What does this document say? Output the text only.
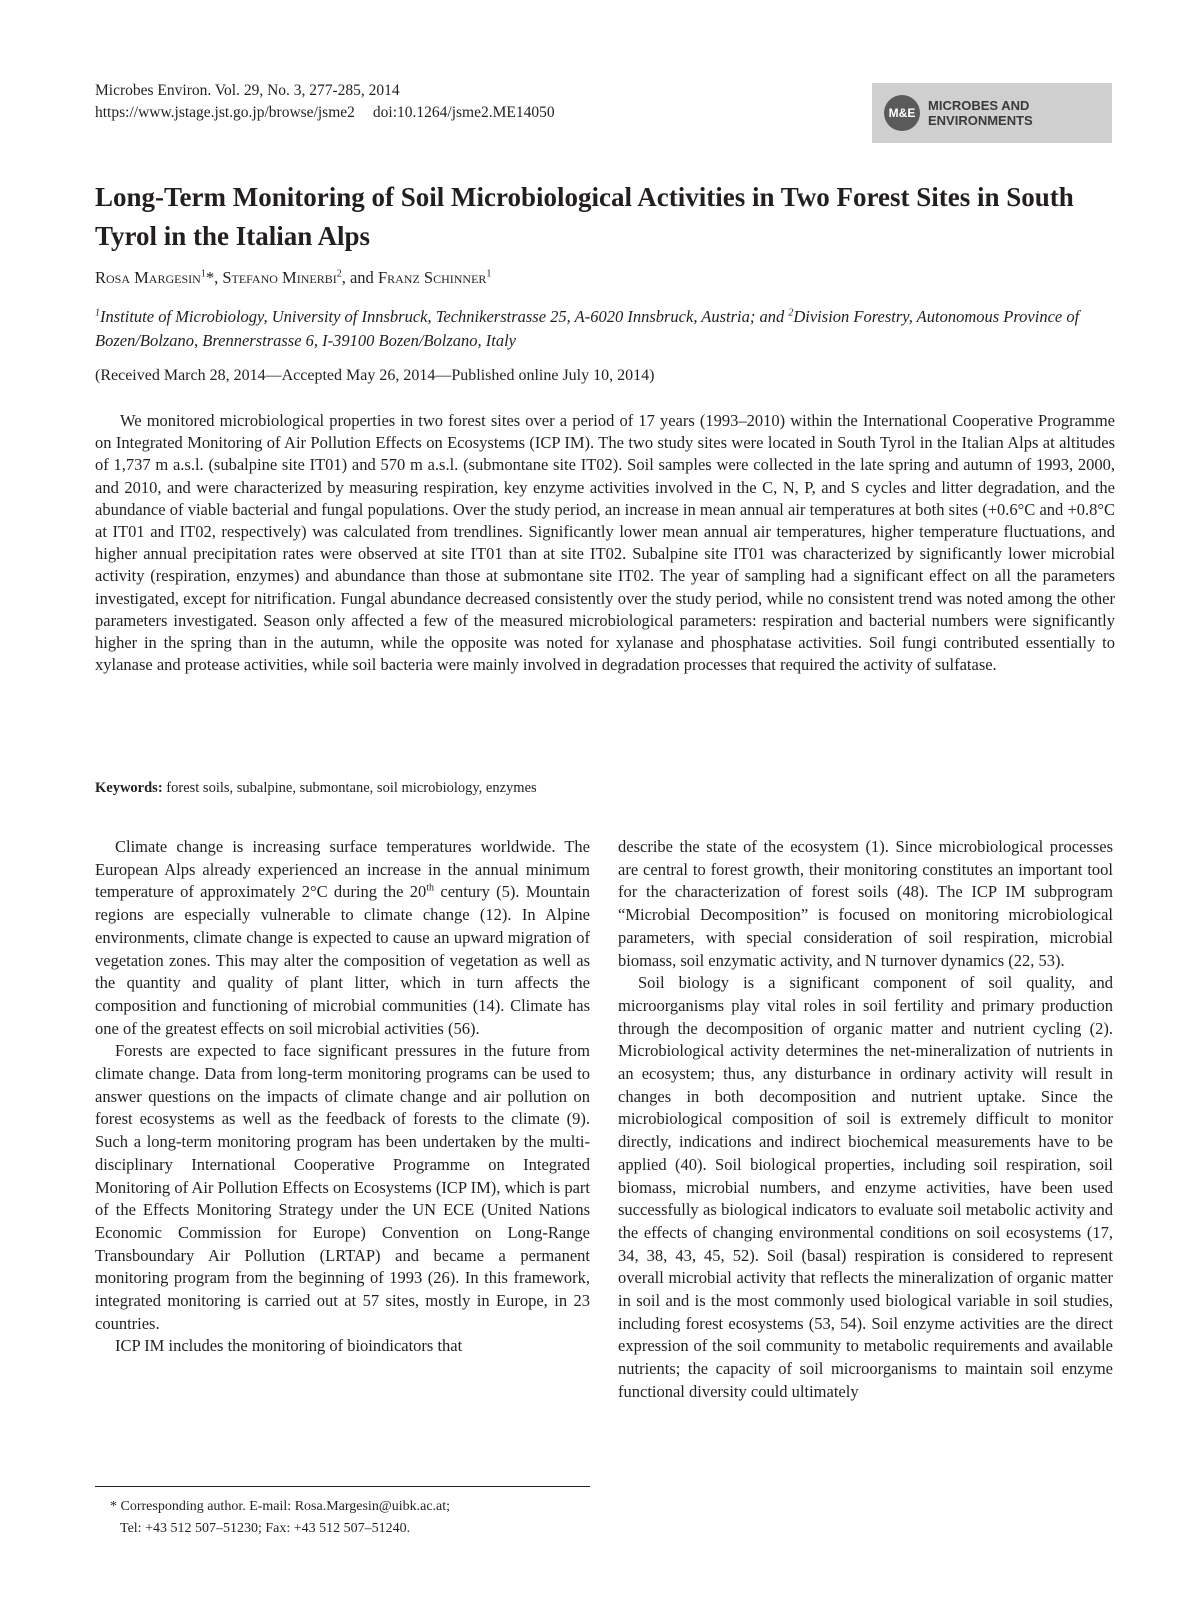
Microbes Environ. Vol. 29, No. 3, 277-285, 2014
https://www.jstage.jst.go.jp/browse/jsme2 doi:10.1264/jsme2.ME14050	M&E MICROBES AND
ENVIRONMENTS
Long-Term Monitoring of Soil Microbiological Activities in Two Forest Sites in South Tyrol in the Italian Alps
Rosa Margesin$^1$*, Stefano Minerbi$^2$, and Franz Schinner$^1$
$^1$Institute of Microbiology, University of Innsbruck, Technikerstrasse 25, A-6020 Innsbruck, Austria; and $^2$Division Forestry, Autonomous Province of Bozen/Bolzano, Brennerstrasse 6, I-39100 Bozen/Bolzano, Italy
(Received March 28, 2014—Accepted May 26, 2014—Published online July 10, 2014)

We monitored microbiological properties in two forest sites over a period of 17 years (1993–2010) within the International Cooperative Programme on Integrated Monitoring of Air Pollution Effects on Ecosystems (ICP IM). The two study sites were located in South Tyrol in the Italian Alps at altitudes of 1,737 m a.s.l. (subalpine site IT01) and 570 m a.s.l. (submontane site IT02). Soil samples were collected in the late spring and autumn of 1993, 2000, and 2010, and were characterized by measuring respiration, key enzyme activities involved in the C, N, P, and S cycles and litter degradation, and the abundance of viable bacterial and fungal populations. Over the study period, an increase in mean annual air temperatures at both sites (+0.6°C and +0.8°C at IT01 and IT02, respectively) was calculated from trendlines. Significantly lower mean annual air temperatures, higher temperature fluctuations, and higher annual precipitation rates were observed at site IT01 than at site IT02. Subalpine site IT01 was characterized by significantly lower microbial activity (respiration, enzymes) and abundance than those at submontane site IT02. The year of sampling had a significant effect on all the parameters investigated, except for nitrification. Fungal abundance decreased consistently over the study period, while no consistent trend was noted among the other parameters investigated. Season only affected a few of the measured microbiological parameters: respiration and bacterial numbers were significantly higher in the spring than in the autumn, while the opposite was noted for xylanase and phosphatase activities. Soil fungi contributed essentially to xylanase and protease activities, while soil bacteria were mainly involved in degradation processes that required the activity of sulfatase.

Keywords: forest soils, subalpine, submontane, soil microbiology, enzymes

Climate change is increasing surface temperatures worldwide. The European Alps already experienced an increase in the annual minimum temperature of approximately 2°C during the 20th century (5). Mountain regions are especially vulnerable to climate change (12). In Alpine environments, climate change is expected to cause an upward migration of vegetation zones. This may alter the composition of vegetation as well as the quantity and quality of plant litter, which in turn affects the composition and functioning of microbial communities (14). Climate has one of the greatest effects on soil microbial activities (56).

Forests are expected to face significant pressures in the future from climate change. Data from long-term monitoring programs can be used to answer questions on the impacts of climate change and air pollution on forest ecosystems as well as the feedback of forests to the climate (9). Such a long-term monitoring program has been undertaken by the multi-disciplinary International Cooperative Programme on Integrated Monitoring of Air Pollution Effects on Ecosystems (ICP IM), which is part of the Effects Monitoring Strategy under the UN ECE (United Nations Economic Commission for Europe) Convention on Long-Range Transboundary Air Pollution (LRTAP) and became a permanent monitoring program from the beginning of 1993 (26). In this framework, integrated monitoring is carried out at 57 sites, mostly in Europe, in 23 countries.

ICP IM includes the monitoring of bioindicators that

describe the state of the ecosystem (1). Since microbiological processes are central to forest growth, their monitoring constitutes an important tool for the characterization of forest soils (48). The ICP IM subprogram “Microbial Decomposition” is focused on monitoring microbiological parameters, with special consideration of soil respiration, microbial biomass, soil enzymatic activity, and N turnover dynamics (22, 53).

Soil biology is a significant component of soil quality, and microorganisms play vital roles in soil fertility and primary production through the decomposition of organic matter and nutrient cycling (2). Microbiological activity determines the net-mineralization of nutrients in an ecosystem; thus, any disturbance in ordinary activity will result in changes in both decomposition and nutrient uptake. Since the microbiological composition of soil is extremely difficult to monitor directly, indications and indirect biochemical measurements have to be applied (40). Soil biological properties, including soil respiration, soil biomass, microbial numbers, and enzyme activities, have been used successfully as biological indicators to evaluate soil metabolic activity and the effects of changing environmental conditions on soil ecosystems (17, 34, 38, 43, 45, 52). Soil (basal) respiration is considered to represent overall microbial activity that reflects the mineralization of organic matter in soil and is the most commonly used biological variable in soil studies, including forest ecosystems (53, 54). Soil enzyme activities are the direct expression of the soil community to metabolic requirements and available nutrients; the capacity of soil microorganisms to maintain soil enzyme functional diversity could ultimately

* Corresponding author. E-mail: Rosa.Margesin@uibk.ac.at;
Tel: +43 512 507–51230; Fax: +43 512 507–51240.
